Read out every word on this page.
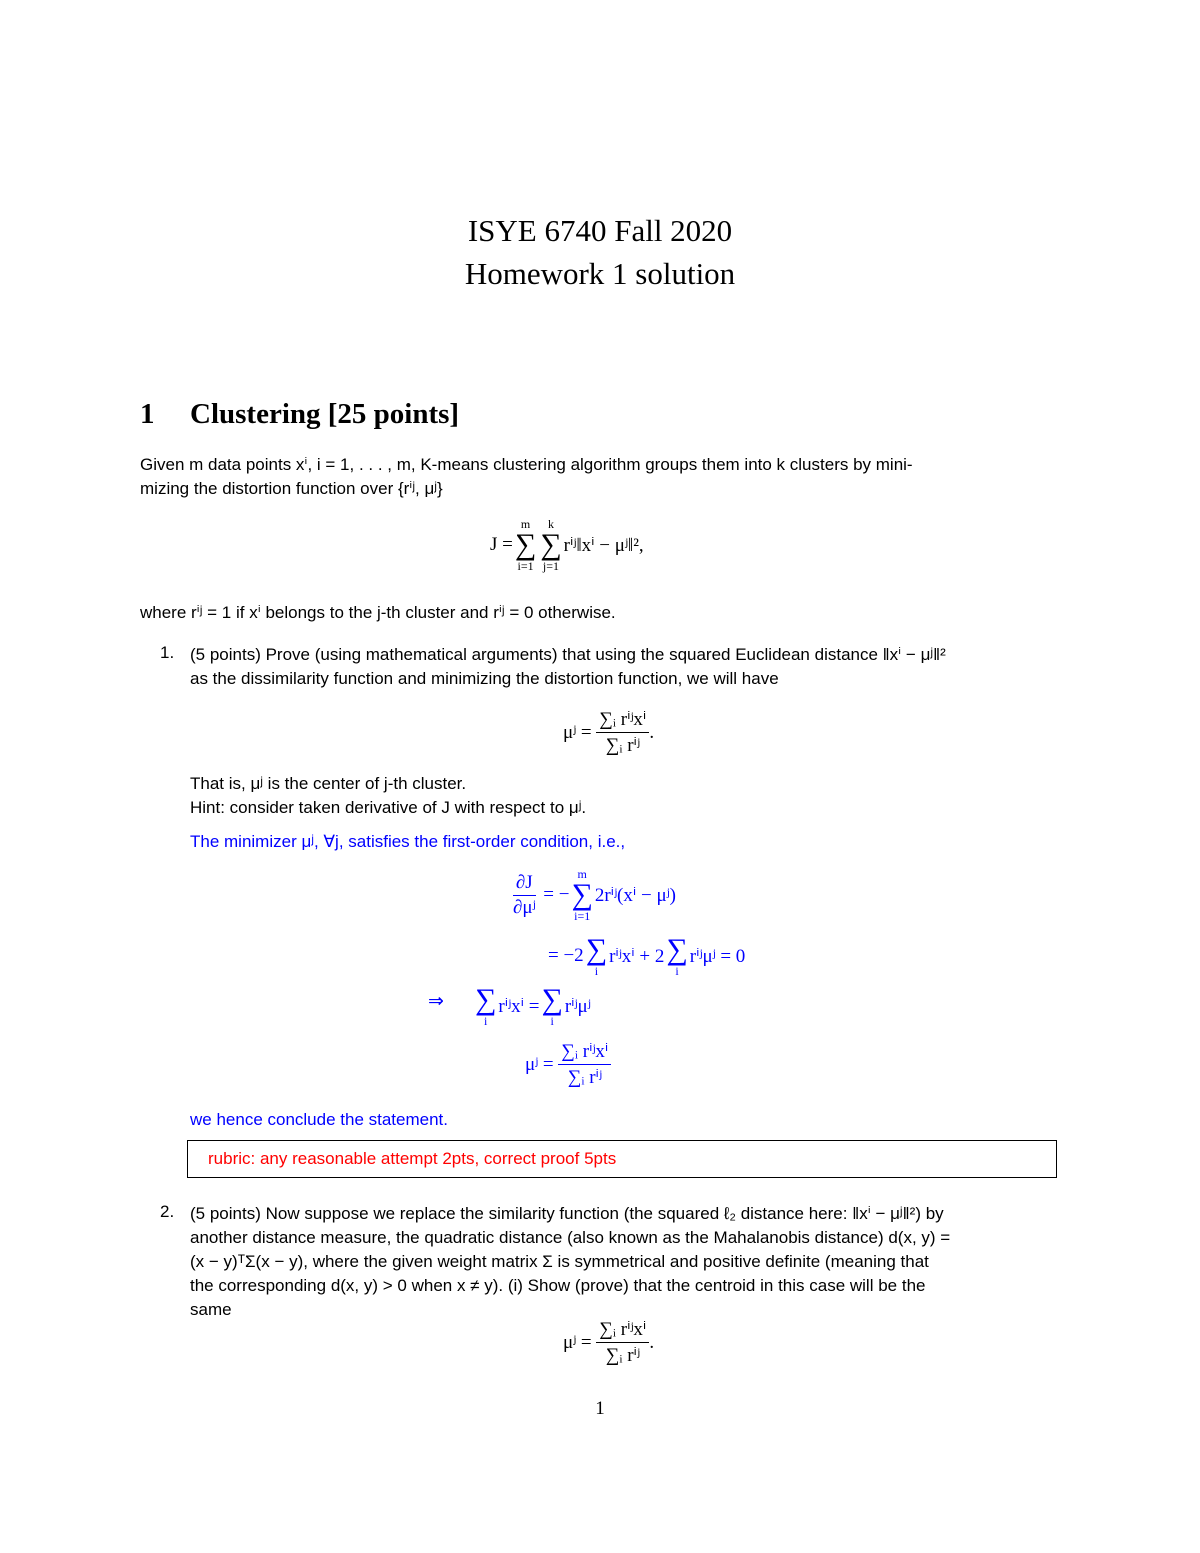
ISYE 6740 Fall 2020
Homework 1 solution
1 Clustering [25 points]
Given m data points xⁱ, i = 1, . . . , m, K-means clustering algorithm groups them into k clusters by mini-
mizing the distortion function over {rⁱʲ, μʲ}
J =
m
∑
i=1
k
∑
j=1
rⁱʲ‖xⁱ − μʲ‖²,
where rⁱʲ = 1 if xⁱ belongs to the j-th cluster and rⁱʲ = 0 otherwise.
1. (5 points) Prove (using mathematical arguments) that using the squared Euclidean distance ‖xⁱ − μʲ‖²
as the dissimilarity function and minimizing the distortion function, we will have
μʲ =
$\frac{\text{∑ᵢ rⁱʲxⁱ}}{\text{∑ᵢ rⁱʲ}}$ .
That is, μʲ is the center of j-th cluster.
Hint: consider taken derivative of J with respect to μʲ.
The minimizer μʲ, ∀j, satisfies the first-order condition, i.e.,
$\frac{\partial J}{\text{∂μʲ}}$
= −
m
∑
i=1
2rⁱʲ(xⁱ − μʲ)
= −2 ∑
i
rⁱʲxⁱ + 2 ∑
i
rⁱʲμʲ = 0
⇒ ∑
i
rⁱʲxⁱ = ∑
i
rⁱʲμʲ
μʲ =
$\frac{\text{∑ᵢ rⁱʲxⁱ}}{\text{∑ᵢ rⁱʲ}}$
we hence conclude the statement.
rubric: any reasonable attempt 2pts, correct proof 5pts
2. (5 points) Now suppose we replace the similarity function (the squared ℓ₂ distance here: ‖xⁱ − μʲ‖²) by
another distance measure, the quadratic distance (also known as the Mahalanobis distance) d(x, y) =
(x − y)ᵀΣ(x − y), where the given weight matrix Σ is symmetrical and positive definite (meaning that
the corresponding d(x, y) > 0 when x ≠ y). (i) Show (prove) that the centroid in this case will be the
same
μʲ =
$\frac{\text{∑ᵢ rⁱʲxⁱ}}{\text{∑ᵢ rⁱʲ}}$ .
1
